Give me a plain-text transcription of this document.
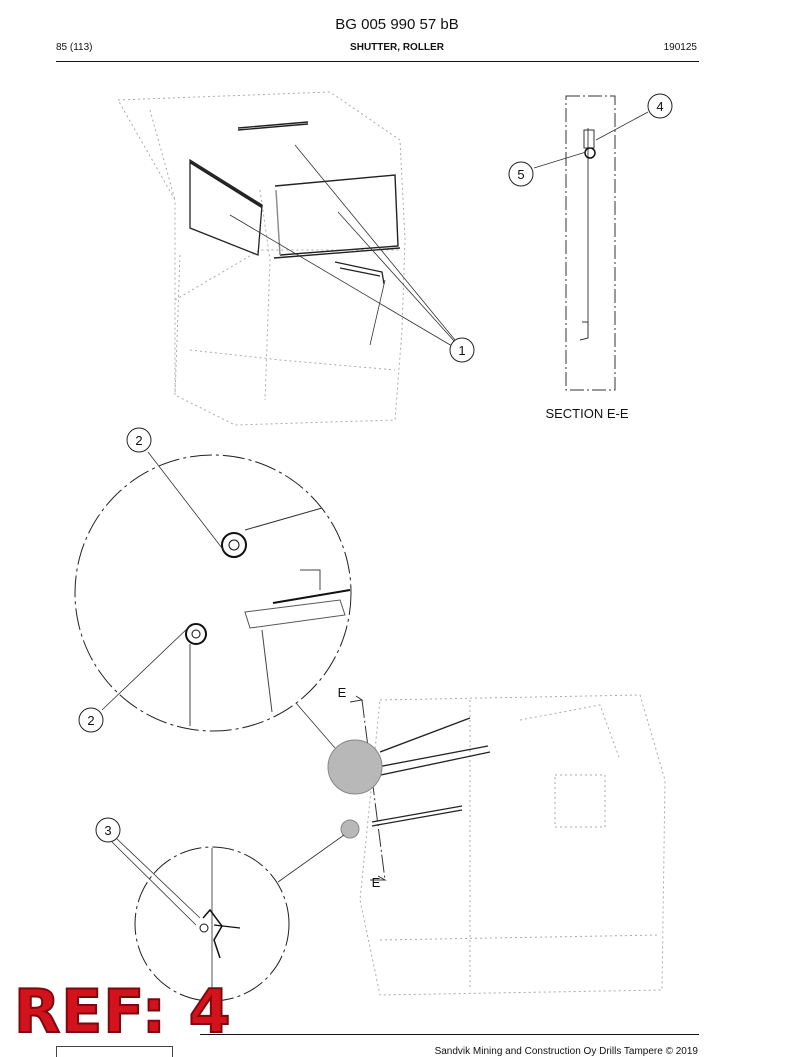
BG 005 990 57 bB
85 (113)	SHUTTER, ROLLER	190125
1
2
2
3
4
5
SECTION E-E
E
E
REF: 4
Sandvik Mining and Construction Oy Drills Tampere © 2019
